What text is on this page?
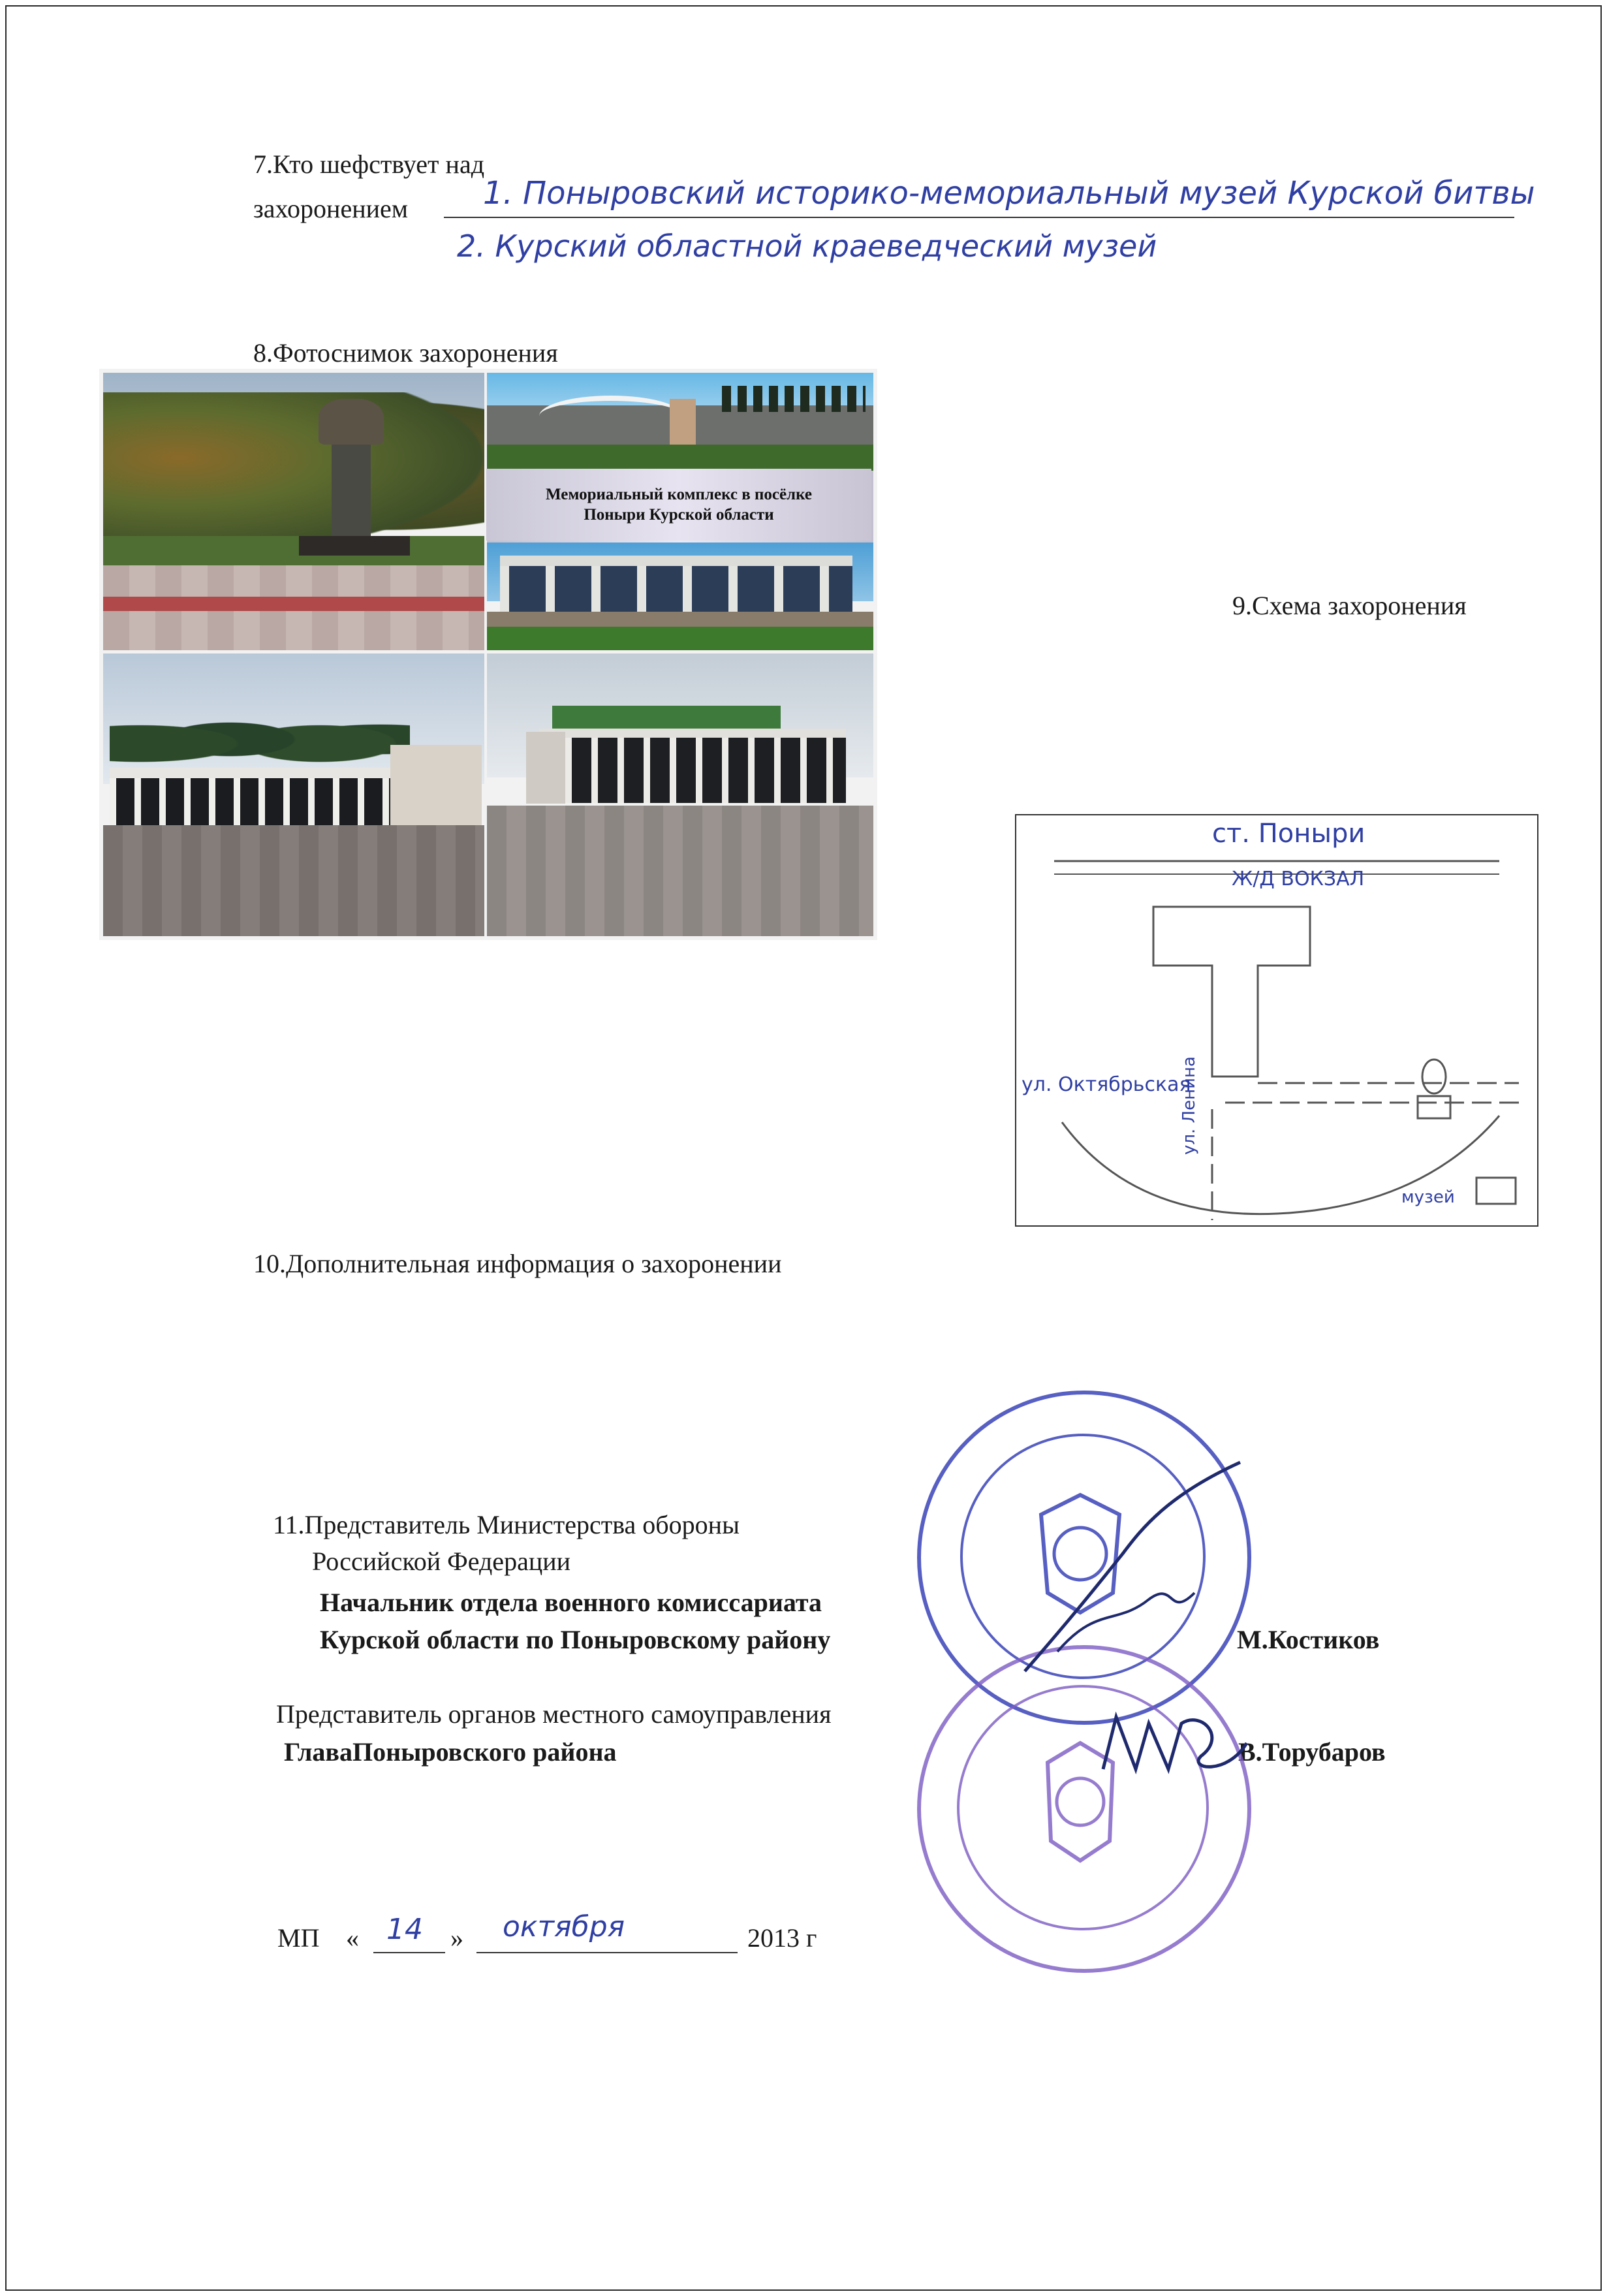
7.Кто шефствует над
захоронением 1. Поныровский историко-мемориальный музей Курской битвы
2. Курский областной краеведческий музей
8.Фотоснимок захоронения
Мемориальный комплекс в посёлке
Поныри Курской области
9.Схема захоронения
ст. Поныри
Ж/Д ВОКЗАЛ
ул. Октябрьская
ул. Ленина
музей
10.Дополнительная информация о захоронении
11.Представитель Министерства обороны
Российской Федерации
Начальник отдела военного комиссариата
Курской области по Поныровскому району	М.Костиков
Представитель органов местного самоуправления
ГлаваПоныровского района	В.Торубаров
МП « 14 » октября	2013 г
